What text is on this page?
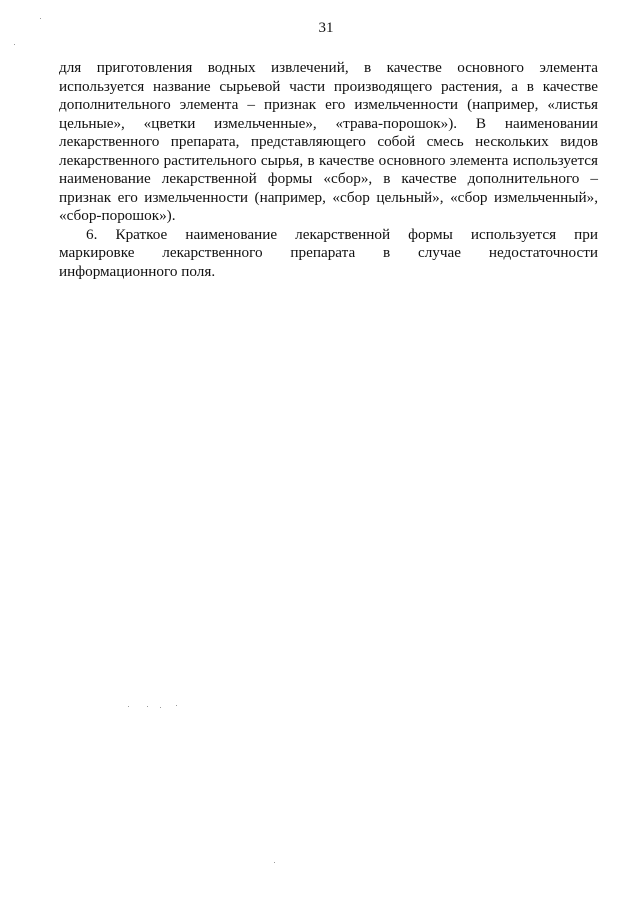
31
для приготовления водных извлечений, в качестве основного элемента
используется название сырьевой части производящего растения, а в качестве
дополнительного элемента – признак его измельченности (например, «листья
цельные», «цветки измельченные», «трава-порошок»). В наименовании
лекарственного препарата, представляющего собой смесь нескольких видов
лекарственного растительного сырья, в качестве основного элемента используется
наименование лекарственной формы «сбор», в качестве дополнительного –
признак его измельченности (например, «сбор цельный», «сбор измельченный»,
«сбор-порошок»).
6. Краткое наименование лекарственной формы используется при
маркировке лекарственного препарата в случае недостаточности
информационного поля.
